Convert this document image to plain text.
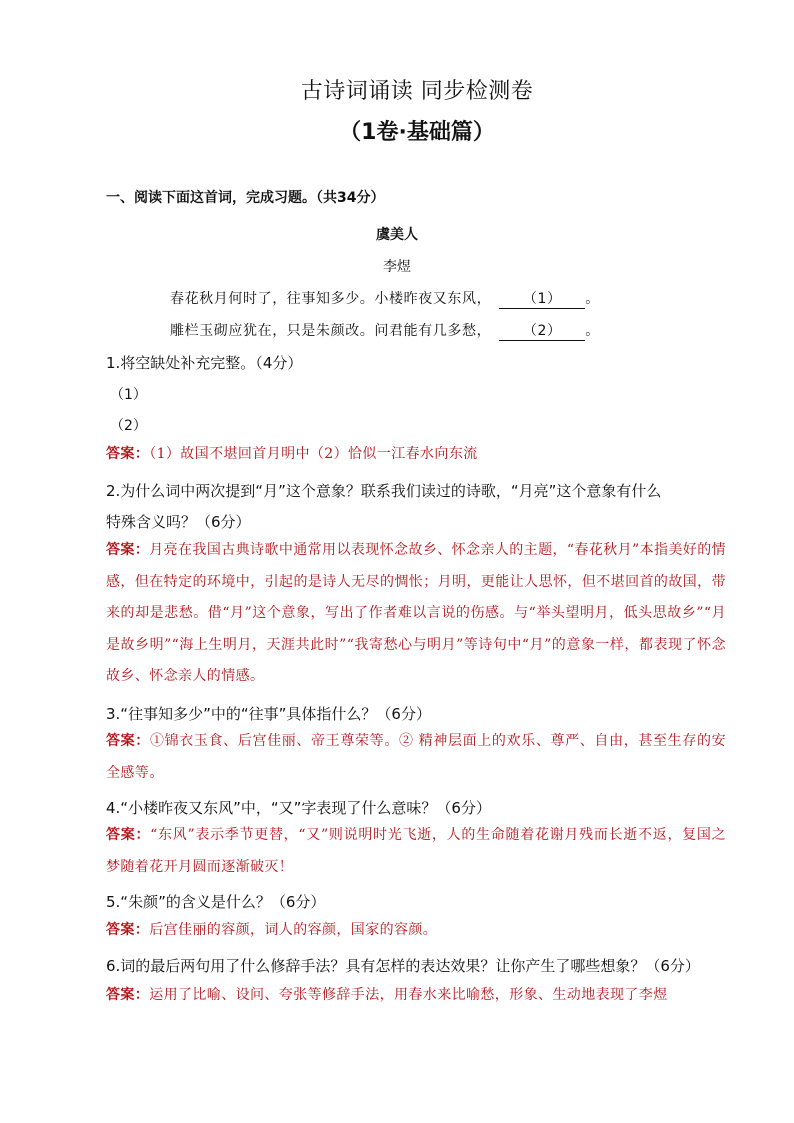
古诗词诵读 同步检测卷
（1卷·基础篇）
一、阅读下面这首词，完成习题。（共34分）
虞美人
李煜
春花秋月何时了，往事知多少。小楼昨夜又东风， （1） 。
雕栏玉砌应犹在，只是朱颜改。问君能有几多愁， （2） 。
1.将空缺处补充完整。（4分）
（1）
（2）
答案：（1）故国不堪回首月明中（2）恰似一江春水向东流
2.为什么词中两次提到“月”这个意象？联系我们读过的诗歌，“月亮”这个意象有什么
特殊含义吗？（6分）
答案：月亮在我国古典诗歌中通常用以表现怀念故乡、怀念亲人的主题，“春花秋月”本指美好的情感，但在特定的环境中，引起的是诗人无尽的惆怅；月明，更能让人思怀，但不堪回首的故国，带来的却是悲愁。借“月”这个意象，写出了作者难以言说的伤感。与“举头望明月，低头思故乡”“月是故乡明”“海上生明月，天涯共此时”“我寄愁心与明月”等诗句中“月”的意象一样，都表现了怀念故乡、怀念亲人的情感。
3.“往事知多少”中的“往事”具体指什么？（6分）
答案：①锦衣玉食、后宫佳丽、帝王尊荣等。② 精神层面上的欢乐、尊严、自由，甚至生存的安全感等。
4.“小楼昨夜又东风”中，“又”字表现了什么意味？（6分）
答案：“东风”表示季节更替，“又”则说明时光飞逝，人的生命随着花谢月残而长逝不返，复国之梦随着花开月圆而逐渐破灭！
5.“朱颜”的含义是什么？（6分）
答案：后宫佳丽的容颜，词人的容颜，国家的容颜。
6.词的最后两句用了什么修辞手法？具有怎样的表达效果？让你产生了哪些想象？（6分）
答案：运用了比喻、设问、夸张等修辞手法，用春水来比喻愁，形象、生动地表现了李煜
